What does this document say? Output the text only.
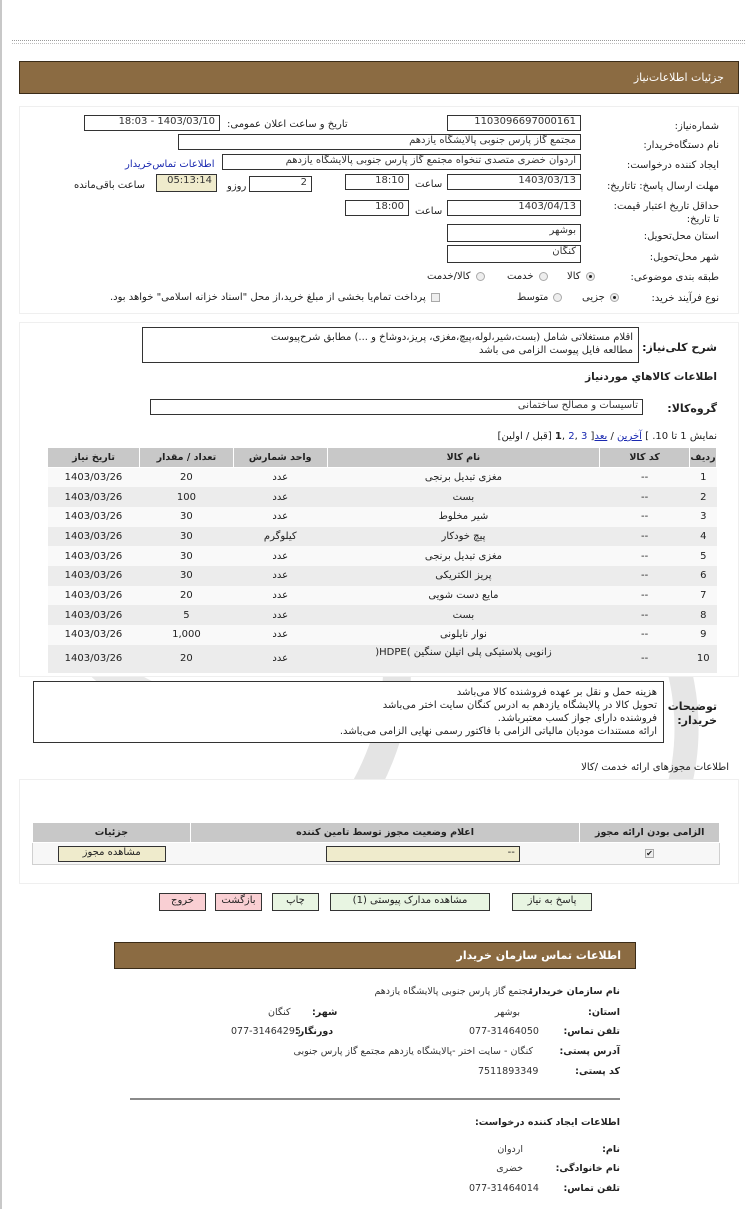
جزئیات اطلاعات‌نیاز
شماره‌نیاز:
1103096697000161
تاریخ و ساعت اعلان عمومی:
1403/03/10 - 18:03
نام دستگاه‌خریدار:
مجتمع گاز پارس جنوبی پالایشگاه یازدهم
ایجاد کننده درخواست:
اردوان خضری متصدی تنخواه مجتمع گاز پارس جنوبی پالایشگاه یازدهم
اطلاعات تماس‌خریدار
مهلت ارسال پاسخ: تاتاریخ:
1403/03/13
ساعت
18:10
2
روزو
05:13:14
ساعت باقی‌مانده
حداقل تاریخ اعتبار قیمت: تا تاریخ:
1403/04/13
ساعت
18:00
استان محل‌تحویل:
بوشهر
شهر محل‌تحویل:
کنگان
طبقه بندی موضوعی:
کالا
خدمت
کالا/خدمت
نوع فرآیند خرید:
جزیی
متوسط
پرداخت تمام‌یا بخشی از مبلغ خرید،از محل "اسناد خزانه اسلامی" خواهد بود.
شرح کلی‌نیاز:
اقلام مستغلاتی شامل (بست،شیر،لوله،پیچ،مغزی، پریز،دوشاخ و ...) مطابق شرح‌پیوست
مطالعه فایل پیوست الزامی می باشد
اطلاعات کالاهاي موردنیاز
گروه‌کالا:
تاسیسات و مصالح ساختمانی
نمایش 1 تا 10. ] آخرین / بعد[ 3 ,2 ,1 [قبل / اولین]
ردیف	کد کالا	نام کالا	واحد شمارش	تعداد / مقدار	تاریخ نیاز
1	--	مغزی تبدیل برنجی	عدد	20	1403/03/26
2	--	بست	عدد	100	1403/03/26
3	--	شیر مخلوط	عدد	30	1403/03/26
4	--	پیچ خودکار	کیلوگرم	30	1403/03/26
5	--	مغزی تبدیل برنجی	عدد	30	1403/03/26
6	--	پریز الکتریکی	عدد	30	1403/03/26
7	--	مایع دست شویی	عدد	20	1403/03/26
8	--	بست	عدد	5	1403/03/26
9	--	نوار نایلونی	عدد	1,000	1403/03/26
10	--	زانویی پلاستیکی پلی اتیلن سنگین )HDPE(	عدد	20	1403/03/26
توضیحات
خریدار:
هزینه حمل و نقل بر عهده فروشنده کالا می‌باشد
تحویل کالا در پالایشگاه یازدهم به ادرس کنگان سایت اختر می‌باشد
فروشنده دارای جواز کسب معتبرباشد.
ارائه مستندات مودیان مالیاتی الزامی با فاکتور رسمی نهایی الزامی می‌باشد.
اطلاعات مجوزهای ارائه خدمت /کالا
الزامی بودن ارائه مجوز	اعلام وضعیت مجوز توسط تامین کننده	جزئیات
✔	--	مشاهده مجوز
پاسخ به نیاز
مشاهده مدارک پیوستی (1)
چاپ
بازگشت
خروج
اطلاعات تماس سازمان خریدار
نام سازمان خریدار:
مجتمع گاز پارس جنوبی پالایشگاه یازدهم
استان:
بوشهر
شهر:
کنگان
تلفن تماس:
077-31464050
دورنگار:
077-31464295
آدرس پستی:
کنگان - سایت اختر -پالایشگاه یازدهم مجتمع گاز پارس جنوبی
کد پستی:
7511893349
اطلاعات ایجاد کننده درخواست:
نام:
اردوان
نام خانوادگی:
خضری
تلفن تماس:
077-31464014
